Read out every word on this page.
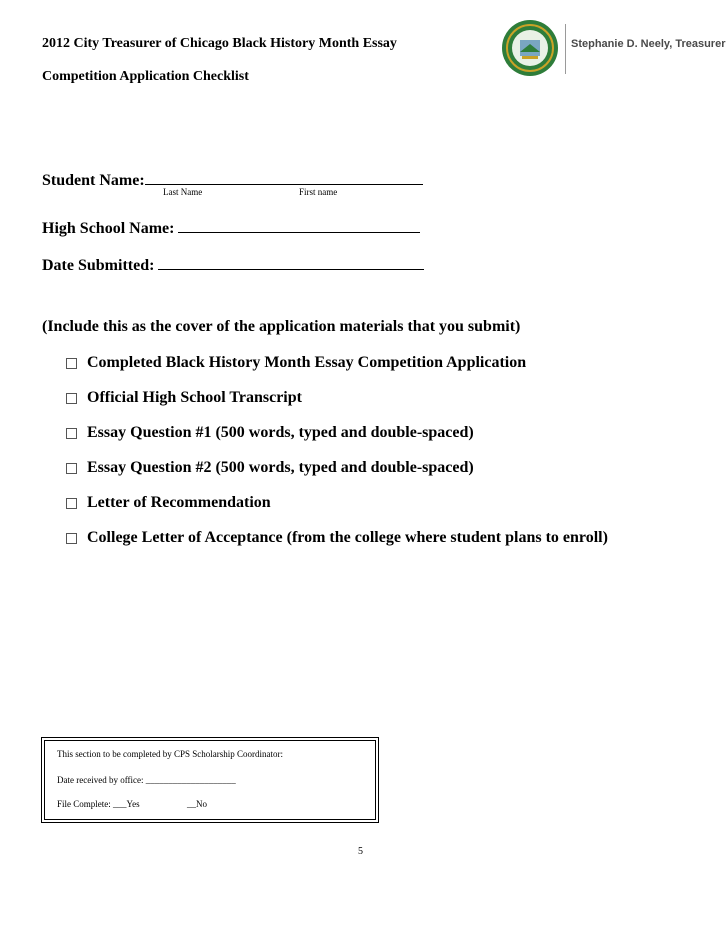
2012 City Treasurer of Chicago Black History Month Essay
Competition Application Checklist
Stephanie D. Neely, Treasurer
Student Name:
Last Name	First name
High School Name:
Date Submitted:
(Include this as the cover of the application materials that you submit)
Completed Black History Month Essay Competition Application
Official High School Transcript
Essay Question #1 (500 words, typed and double-spaced)
Essay Question #2 (500 words, typed and double-spaced)
Letter of Recommendation
College Letter of Acceptance (from the college where student plans to enroll)
This section to be completed by CPS Scholarship Coordinator:
Date received by office: ____________________
File Complete: ___Yes	__No
5
